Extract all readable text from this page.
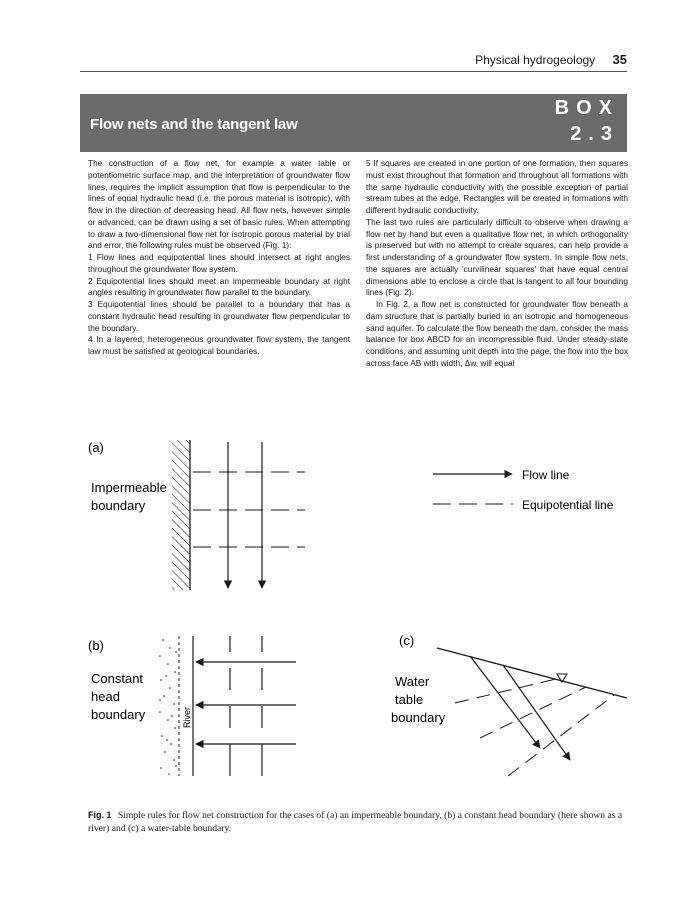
Physical hydrogeology 35
Flow nets and the tangent law
BOX
2.3

The construction of a flow net, for example a water table or potentiometric surface map, and the interpretation of groundwater flow lines, requires the implicit assumption that flow is perpendicular to the lines of equal hydraulic head (i.e. the porous material is isotropic), with flow in the direction of decreasing head. All flow nets, however simple or advanced, can be drawn using a set of basic rules. When attempting to draw a two-dimensional flow net for isotropic porous material by trial and error, the following rules must be observed (Fig. 1):

1 Flow lines and equipotential lines should intersect at right angles throughout the groundwater flow system.

2 Equipotential lines should meet an impermeable boundary at right angles resulting in groundwater flow parallel to the boundary.

3 Equipotential lines should be parallel to a boundary that has a constant hydraulic head resulting in groundwater flow perpendicular to the boundary.

4 In a layered, heterogeneous groundwater flow system, the tangent law must be satisfied at geological boundaries.

5 If squares are created in one portion of one formation, then squares must exist throughout that formation and throughout all formations with the same hydraulic conductivity with the possible exception of partial stream tubes at the edge. Rectangles will be created in formations with different hydraulic conductivity.

The last two rules are particularly difficult to observe when drawing a flow net by hand but even a qualitative flow net, in which orthogonality is preserved but with no attempt to create squares, can help provide a first understanding of a groundwater flow system. In simple flow nets, the squares are actually 'curvilinear squares' that have equal central dimensions able to enclose a circle that is tangent to all four bounding lines (Fig. 2).

In Fig. 2, a flow net is constructed for groundwater flow beneath a dam structure that is partially buried in an isotropic and homogeneous sand aquifer. To calculate the flow beneath the dam, consider the mass balance for box ABCD for an incompressible fluid. Under steady-state conditions, and assuming unit depth into the page, the flow into the box across face AB with width, Δw, will equal

(a)
Impermeable
boundary
Flow line
Equipotential line
(b)
Constant
head
boundary	River
(c)
Water
table
boundary
Fig. 1 Simple rules for flow net construction for the cases of (a) an impermeable boundary, (b) a constant head boundary (here shown as a river) and (c) a water-table boundary.
